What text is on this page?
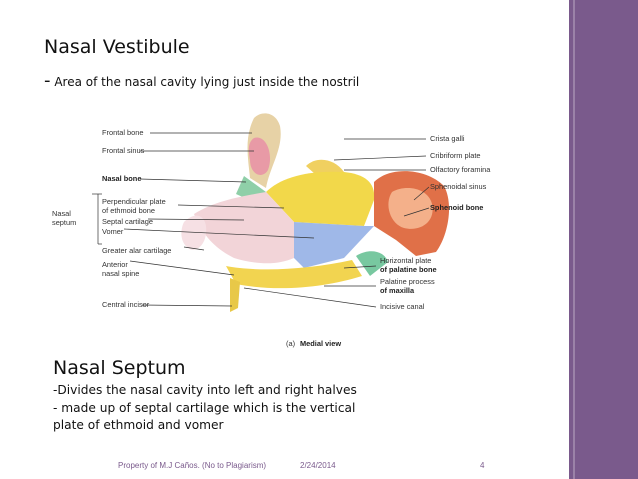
Nasal Vestibule
- Area of the nasal cavity lying just inside the nostril
Frontal bone
Frontal sinus
Nasal bone
Perpendicular plate
of ethmoid bone
Septal cartilage
Vomer
Greater alar cartilage
Anterior
nasal spine
Central incisor
Nasal
septum
Crista galli
Cribriform plate
Olfactory foramina
Sphenoidal sinus
Sphenoid bone
Horizontal plate
of palatine bone
Palatine process
of maxilla
Incisive canal
(a) Medial view
Nasal Septum
-Divides the nasal cavity into left and right halves
- made up of septal cartilage which is the vertical
plate of ethmoid and vomer
Property of M.J Caños. (No to Plagiarism)	2/24/2014	4
